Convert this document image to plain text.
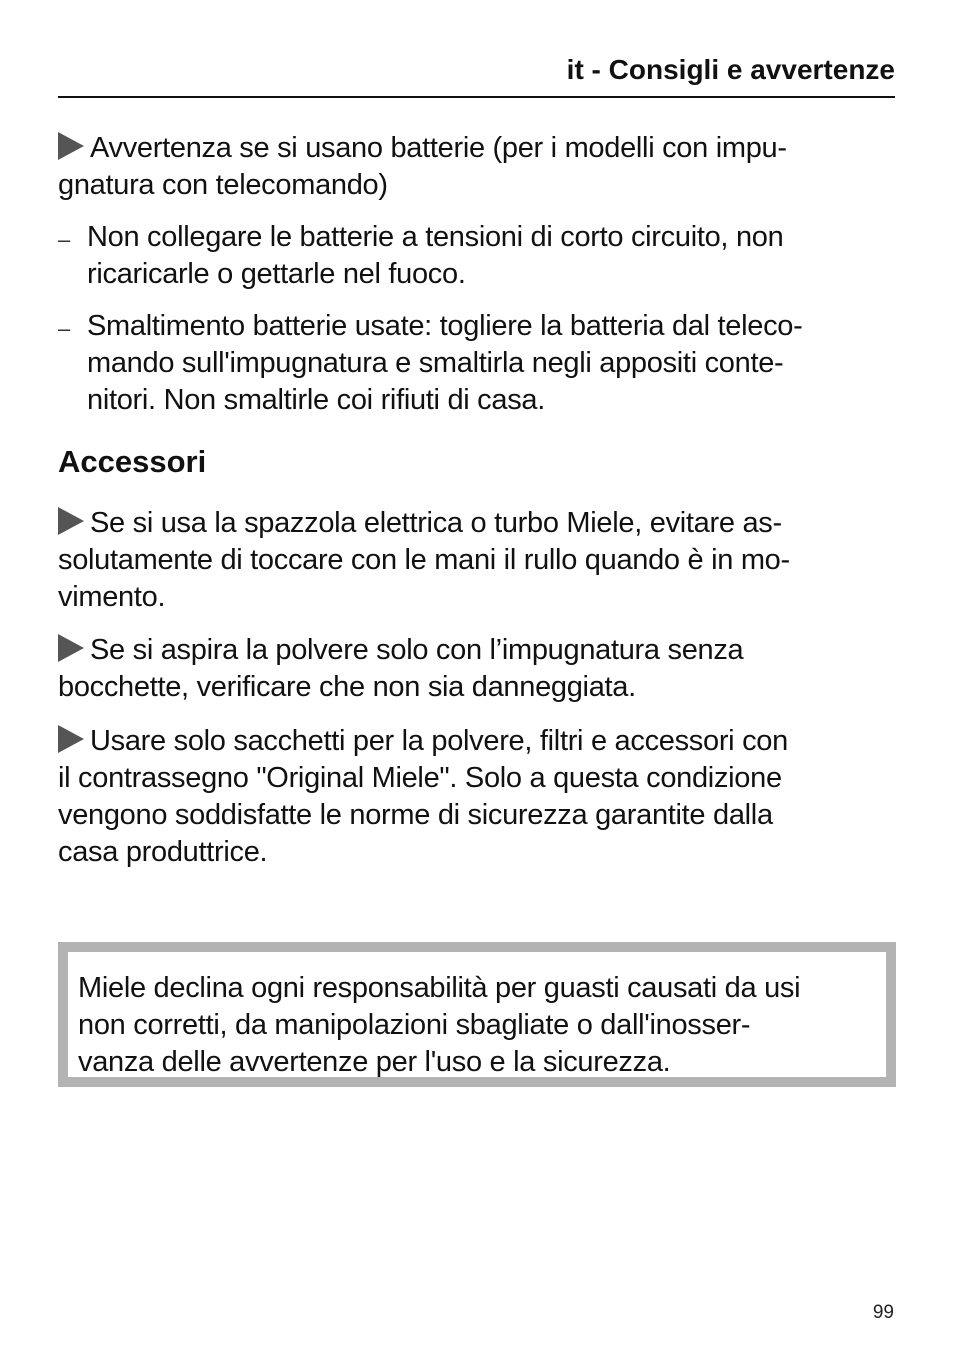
it - Consigli e avvertenze
Avvertenza se si usano batterie (per i modelli con impu-
gnatura con telecomando)
– Non collegare le batterie a tensioni di corto circuito, non
ricaricarle o gettarle nel fuoco.
– Smaltimento batterie usate: togliere la batteria dal teleco-
mando sull'impugnatura e smaltirla negli appositi conte-
nitori. Non smaltirle coi rifiuti di casa.
Accessori
Se si usa la spazzola elettrica o turbo Miele, evitare as-
solutamente di toccare con le mani il rullo quando è in mo-
vimento.
Se si aspira la polvere solo con l’impugnatura senza
bocchette, verificare che non sia danneggiata.
Usare solo sacchetti per la polvere, filtri e accessori con
il contrassegno "Original Miele". Solo a questa condizione
vengono soddisfatte le norme di sicurezza garantite dalla
casa produttrice.
Miele declina ogni responsabilità per guasti causati da usi
non corretti, da manipolazioni sbagliate o dall'inosser-
vanza delle avvertenze per l'uso e la sicurezza.
99
